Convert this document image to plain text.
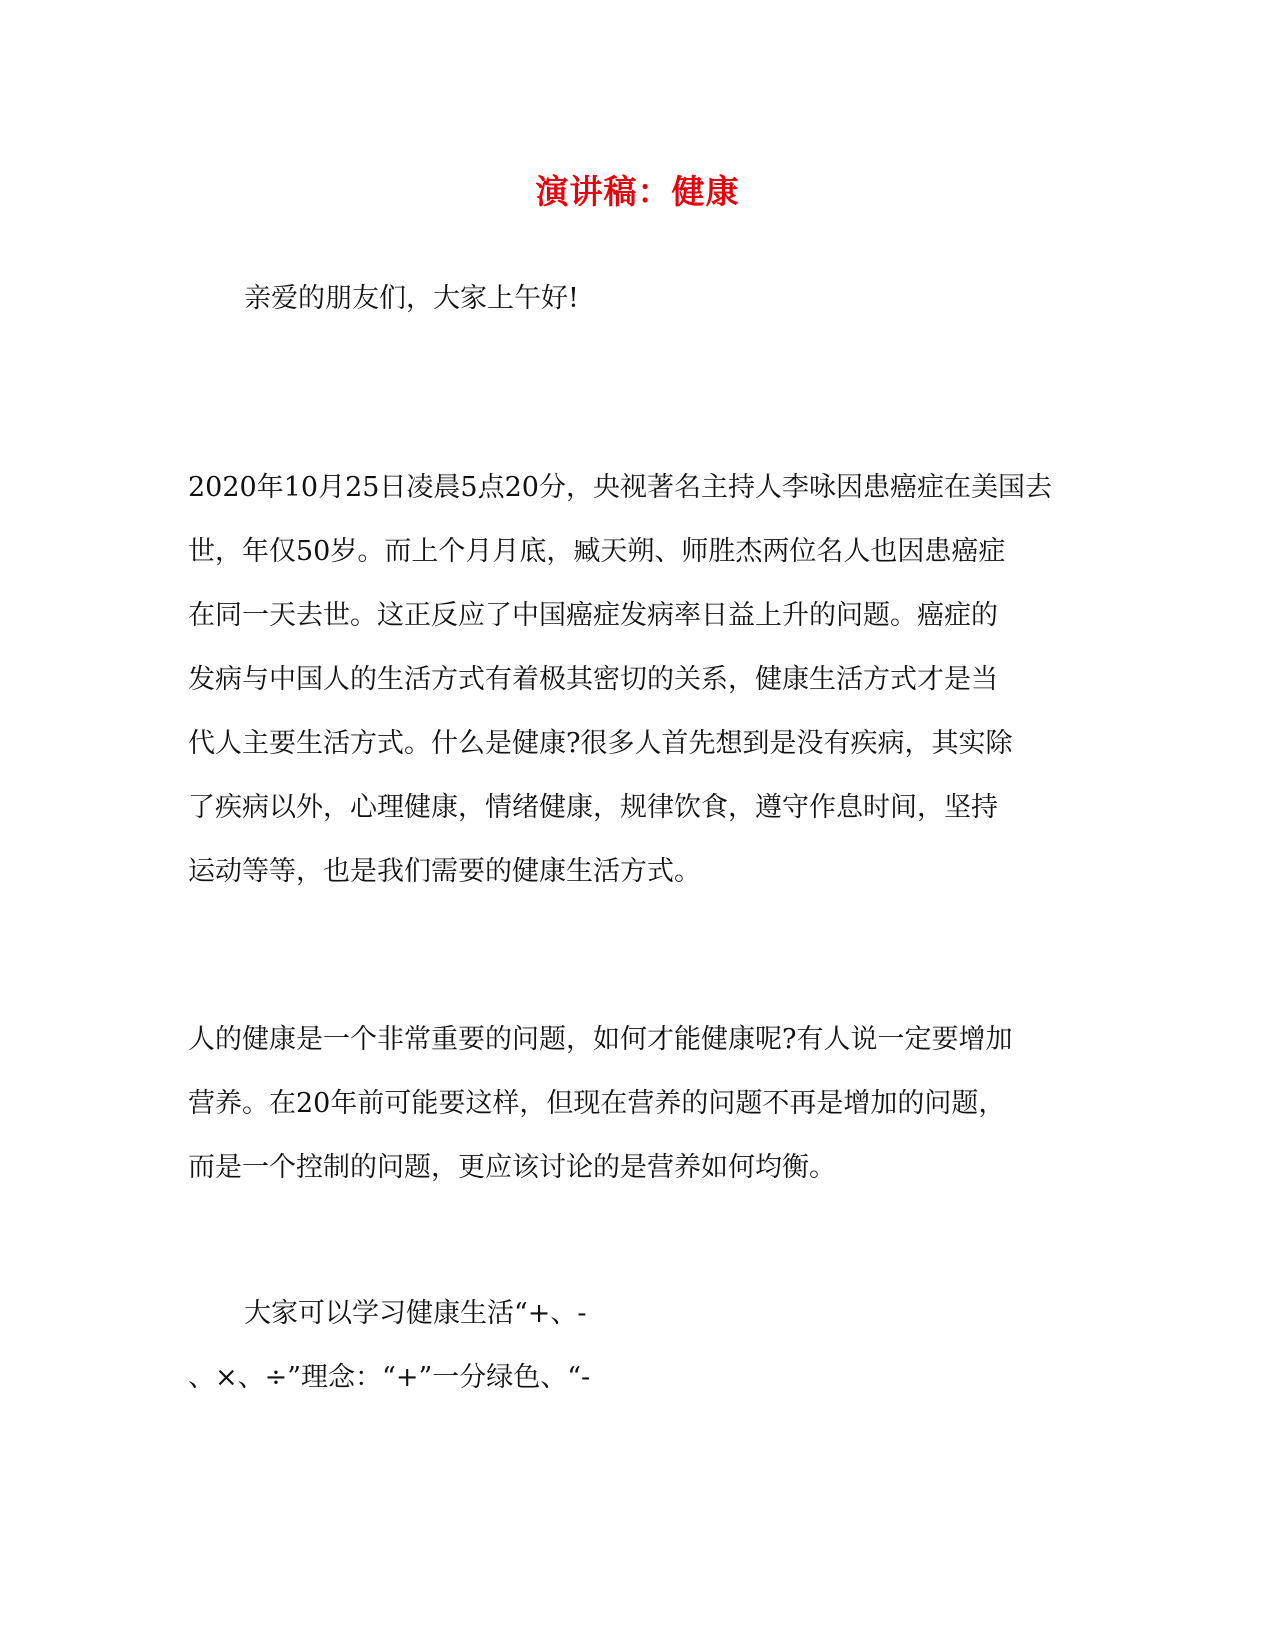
演讲稿：健康

亲爱的朋友们，大家上午好!

2020年10月25日凌晨5点20分，央视著名主持人李咏因患癌症在美国去
世，年仅50岁。而上个月月底，臧天朔、师胜杰两位名人也因患癌症
在同一天去世。这正反应了中国癌症发病率日益上升的问题。癌症的
发病与中国人的生活方式有着极其密切的关系，健康生活方式才是当
代人主要生活方式。什么是健康?很多人首先想到是没有疾病，其实除
了疾病以外，心理健康，情绪健康，规律饮食，遵守作息时间，坚持
运动等等，也是我们需要的健康生活方式。

人的健康是一个非常重要的问题，如何才能健康呢?有人说一定要增加
营养。在20年前可能要这样，但现在营养的问题不再是增加的问题，
而是一个控制的问题，更应该讨论的是营养如何均衡。

大家可以学习健康生活“+、-
、×、÷”理念：“+”一分绿色、“-
